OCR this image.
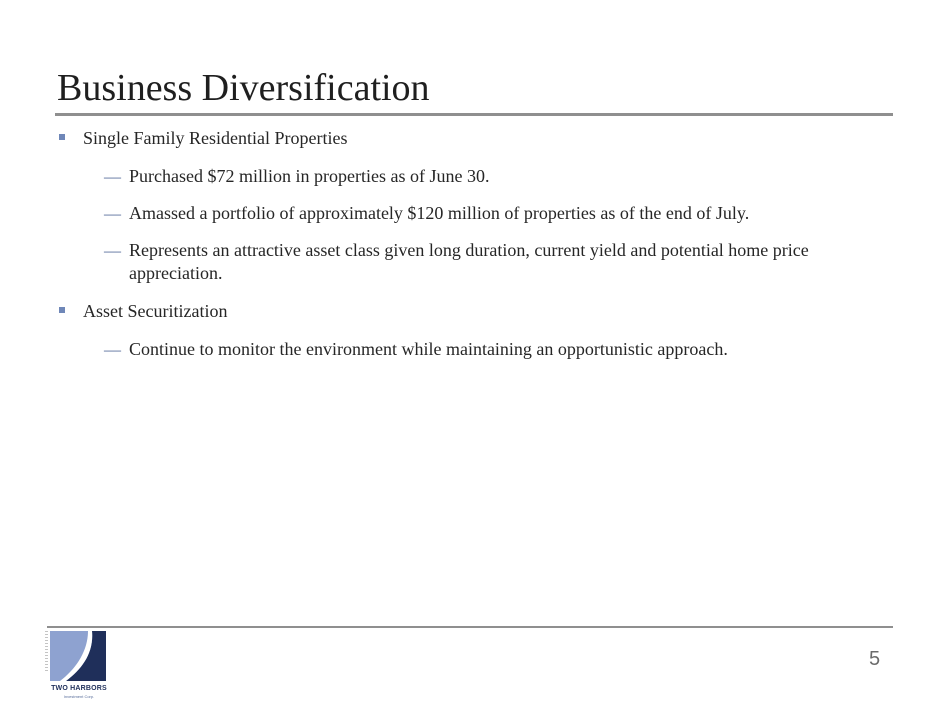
Business Diversification
Single Family Residential Properties
— Purchased $72 million in properties as of June 30.
— Amassed a portfolio of approximately $120 million of properties as of the end of July.
— Represents an attractive asset class given long duration, current yield and potential home price appreciation.
Asset Securitization
— Continue to monitor the environment while maintaining an opportunistic approach.
TWO HARBORS
Investment Corp.
5
